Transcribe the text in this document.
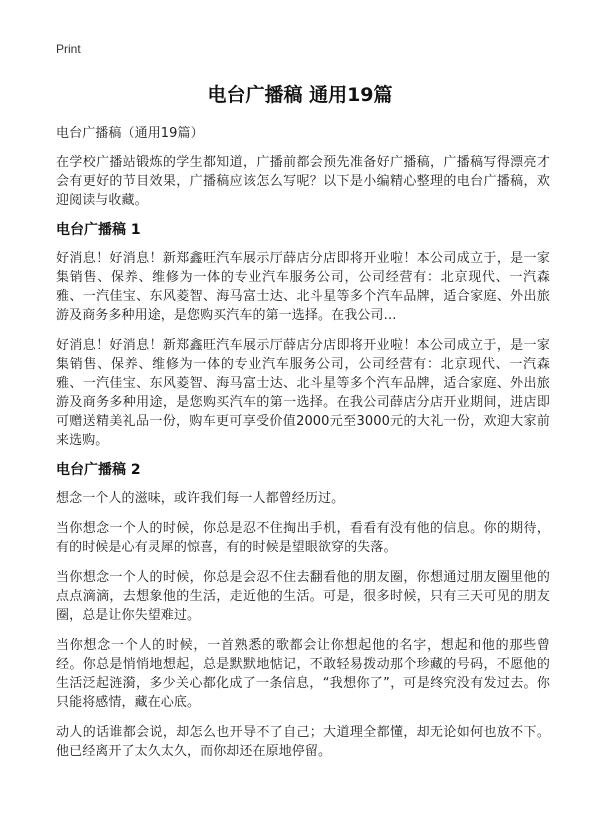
Print
电台广播稿 通用19篇

电台广播稿（通用19篇）

在学校广播站锻炼的学生都知道，广播前都会预先准备好广播稿，广播稿写得漂亮才会有更好的节目效果，广播稿应该怎么写呢？以下是小编精心整理的电台广播稿，欢迎阅读与收藏。

电台广播稿 1

好消息！好消息！新郑鑫旺汽车展示厅薛店分店即将开业啦！本公司成立于，是一家集销售、保养、维修为一体的专业汽车服务公司，公司经营有：北京现代、一汽森雅、一汽佳宝、东风菱智、海马富士达、北斗星等多个汽车品牌，适合家庭、外出旅游及商务多种用途，是您购买汽车的第一选择。在我公司…

好消息！好消息！新郑鑫旺汽车展示厅薛店分店即将开业啦！本公司成立于，是一家集销售、保养、维修为一体的专业汽车服务公司，公司经营有：北京现代、一汽森雅、一汽佳宝、东风菱智、海马富士达、北斗星等多个汽车品牌，适合家庭、外出旅游及商务多种用途，是您购买汽车的第一选择。在我公司薛店分店开业期间，进店即可赠送精美礼品一份，购车更可享受价值2000元至3000元的大礼一份，欢迎大家前来选购。

电台广播稿 2

想念一个人的滋味，或许我们每一人都曾经历过。

当你想念一个人的时候，你总是忍不住掏出手机，看看有没有他的信息。你的期待，有的时候是心有灵犀的惊喜，有的时候是望眼欲穿的失落。

当你想念一个人的时候，你总是会忍不住去翻看他的朋友圈，你想通过朋友圈里他的点点滴滴，去想象他的生活，走近他的生活。可是，很多时候，只有三天可见的朋友圈，总是让你失望难过。

当你想念一个人的时候，一首熟悉的歌都会让你想起他的名字，想起和他的那些曾经。你总是悄悄地想起，总是默默地惦记，不敢轻易拨动那个珍藏的号码，不愿他的生活泛起涟漪，多少关心都化成了一条信息，“我想你了”，可是终究没有发过去。你只能将感情，藏在心底。

动人的话谁都会说，却怎么也开导不了自己；大道理全都懂，却无论如何也放不下。他已经离开了太久太久，而你却还在原地停留。
